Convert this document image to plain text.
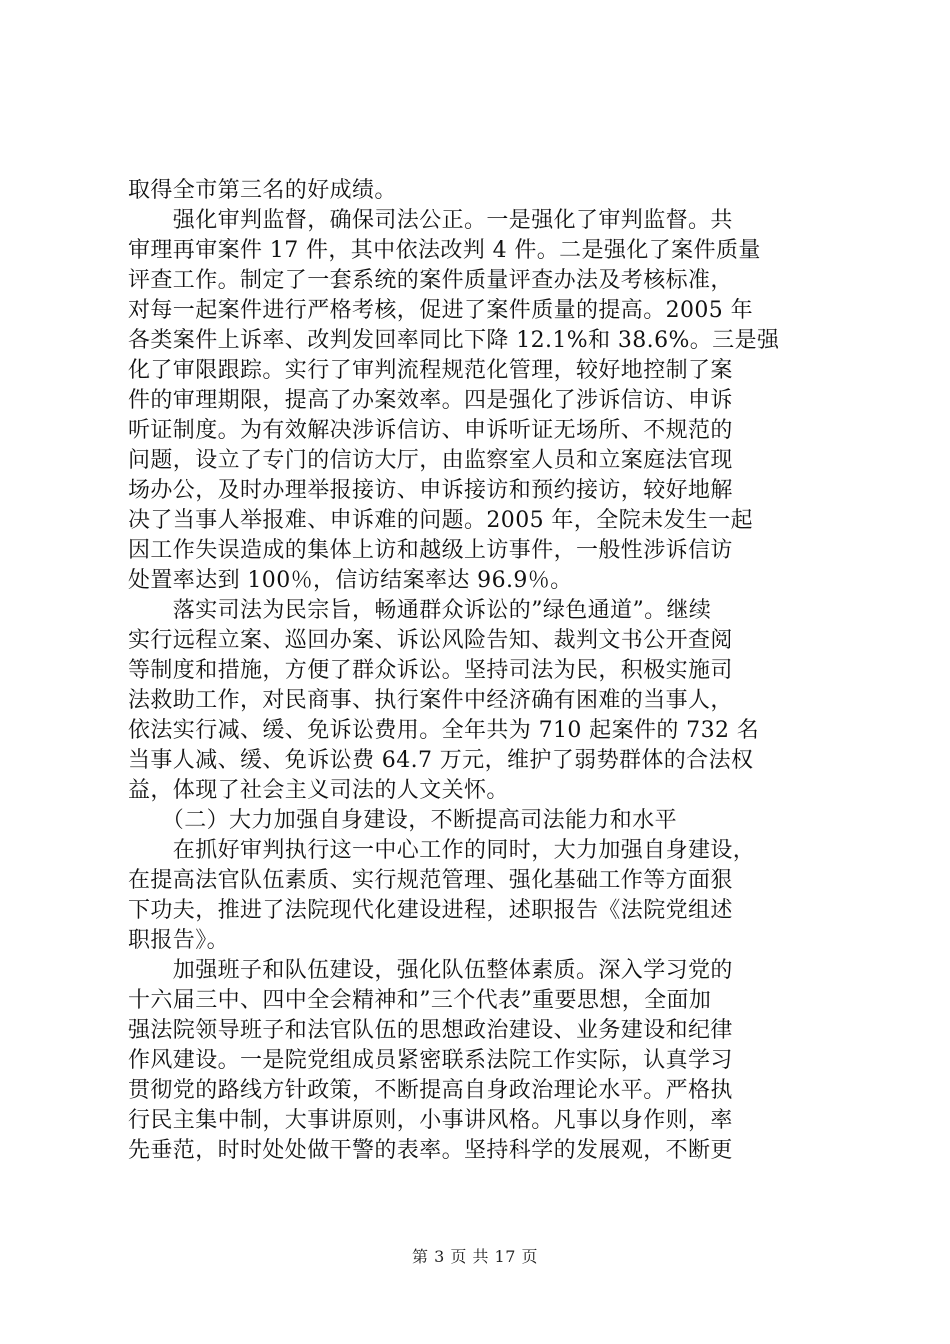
取得全市第三名的好成绩。
　　强化审判监督，确保司法公正。一是强化了审判监督。共
审理再审案件 17 件，其中依法改判 4 件。二是强化了案件质量
评查工作。制定了一套系统的案件质量评查办法及考核标准，
对每一起案件进行严格考核，促进了案件质量的提高。2005 年
各类案件上诉率、改判发回率同比下降 12.1%和 38.6%。三是强
化了审限跟踪。实行了审判流程规范化管理，较好地控制了案
件的审理期限，提高了办案效率。四是强化了涉诉信访、申诉
听证制度。为有效解决涉诉信访、申诉听证无场所、不规范的
问题，设立了专门的信访大厅，由监察室人员和立案庭法官现
场办公，及时办理举报接访、申诉接访和预约接访，较好地解
决了当事人举报难、申诉难的问题。2005 年，全院未发生一起
因工作失误造成的集体上访和越级上访事件，一般性涉诉信访
处置率达到 100％，信访结案率达 96.9％。
　　落实司法为民宗旨，畅通群众诉讼的”绿色通道”。继续
实行远程立案、巡回办案、诉讼风险告知、裁判文书公开查阅
等制度和措施，方便了群众诉讼。坚持司法为民，积极实施司
法救助工作，对民商事、执行案件中经济确有困难的当事人，
依法实行减、缓、免诉讼费用。全年共为 710 起案件的 732 名
当事人减、缓、免诉讼费 64.7 万元，维护了弱势群体的合法权
益，体现了社会主义司法的人文关怀。
　　（二）大力加强自身建设，不断提高司法能力和水平
　　在抓好审判执行这一中心工作的同时，大力加强自身建设，
在提高法官队伍素质、实行规范管理、强化基础工作等方面狠
下功夫，推进了法院现代化建设进程，述职报告《法院党组述
职报告》。
　　加强班子和队伍建设，强化队伍整体素质。深入学习党的
十六届三中、四中全会精神和”三个代表”重要思想，全面加
强法院领导班子和法官队伍的思想政治建设、业务建设和纪律
作风建设。一是院党组成员紧密联系法院工作实际，认真学习
贯彻党的路线方针政策，不断提高自身政治理论水平。严格执
行民主集中制，大事讲原则，小事讲风格。凡事以身作则，率
先垂范，时时处处做干警的表率。坚持科学的发展观，不断更
第 3 页 共 17 页
